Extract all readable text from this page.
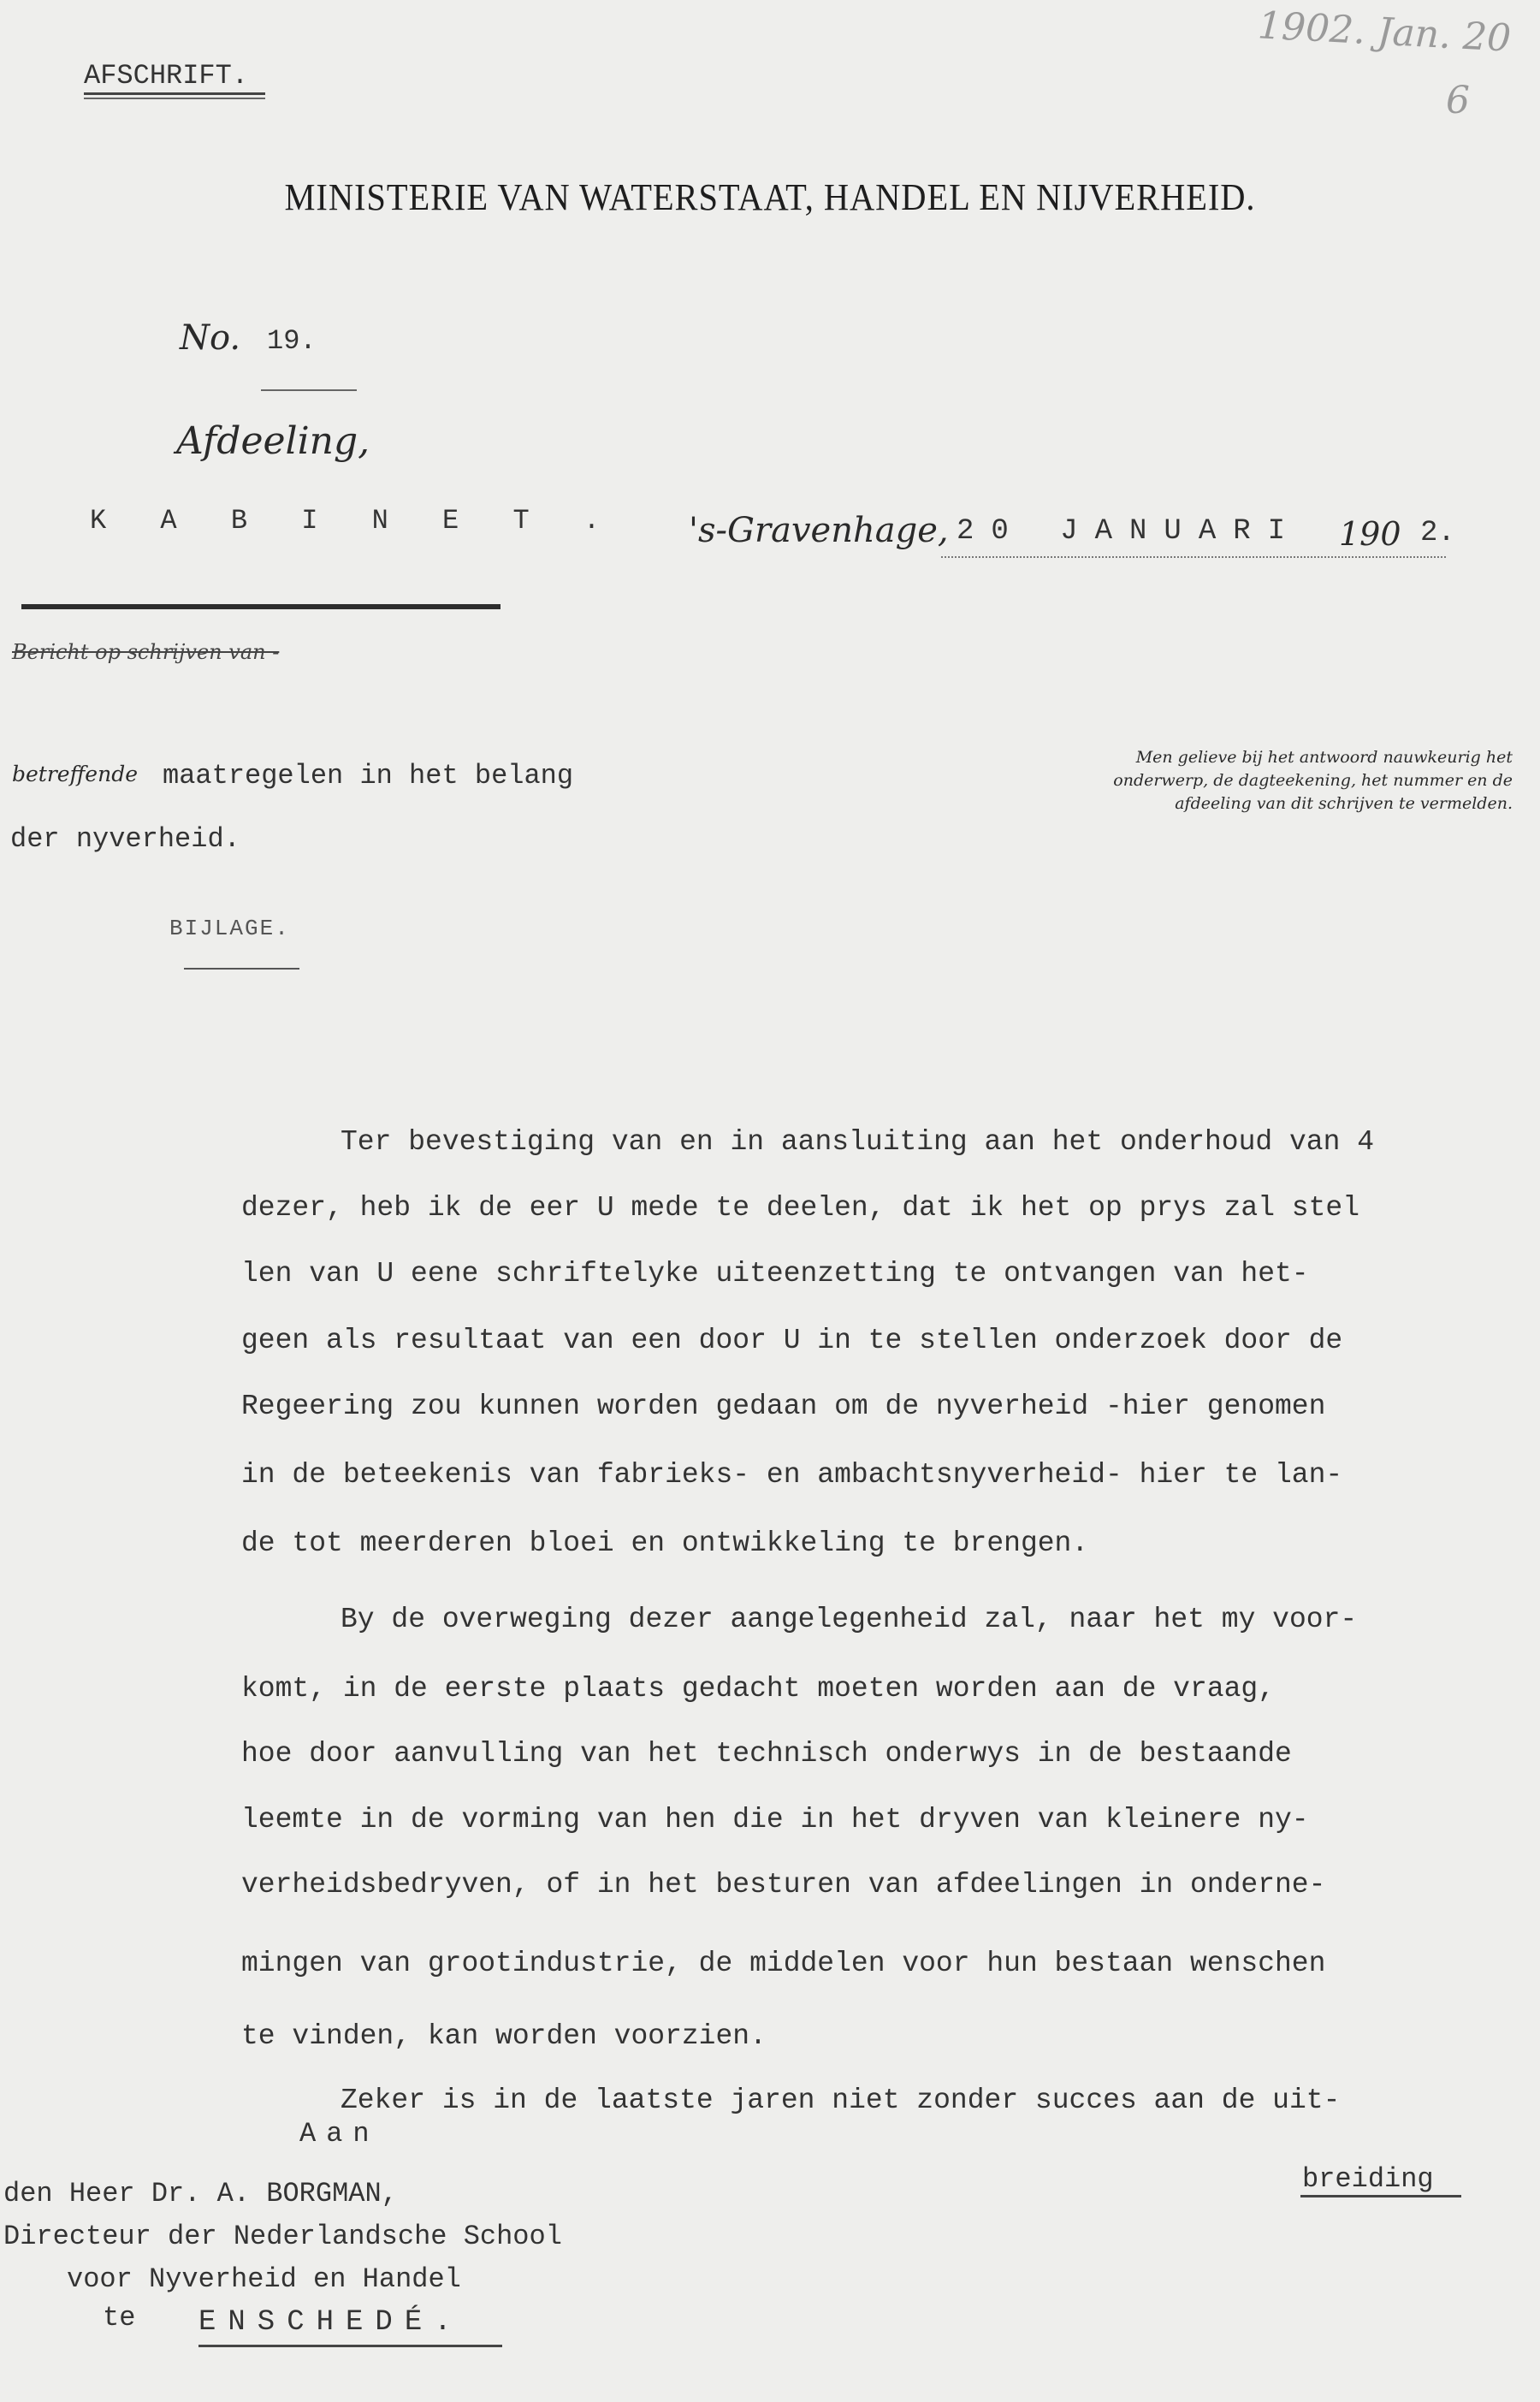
1902. Jan. 20
6
AFSCHRIFT.
MINISTERIE VAN WATERSTAAT, HANDEL EN NIJVERHEID.
No. 19.
Afdeeling,
K A B I N E T . 's-Gravenhage, 20 JANUARI 190 2.
Bericht op schrijven van -
betreffende maatregelen in het belang
der nyverheid.
Men gelieve bij het antwoord nauwkeurig het onderwerp, de dagteekening, het nummer en de afdeeling van dit schrijven te vermelden.
BIJLAGE.
Ter bevestiging van en in aansluiting aan het onderhoud van 4
dezer, heb ik de eer U mede te deelen, dat ik het op prys zal stel
len van U eene schriftelyke uiteenzetting te ontvangen van het-
geen als resultaat van een door U in te stellen onderzoek door de
Regeering zou kunnen worden gedaan om de nyverheid -hier genomen
in de beteekenis van fabrieks- en ambachtsnyverheid- hier te lan-
de tot meerderen bloei en ontwikkeling te brengen.
By de overweging dezer aangelegenheid zal, naar het my voor-
komt, in de eerste plaats gedacht moeten worden aan de vraag,
hoe door aanvulling van het technisch onderwys in de bestaande
leemte in de vorming van hen die in het dryven van kleinere ny-
verheidsbedryven, of in het besturen van afdeelingen in onderne-
mingen van grootindustrie, de middelen voor hun bestaan wenschen
te vinden, kan worden voorzien.
Zeker is in de laatste jaren niet zonder succes aan de uit-
Aan
den Heer Dr. A. BORGMAN,
Directeur der Nederlandsche School
voor Nyverheid en Handel
te ENSCHEDÉ.
breiding
